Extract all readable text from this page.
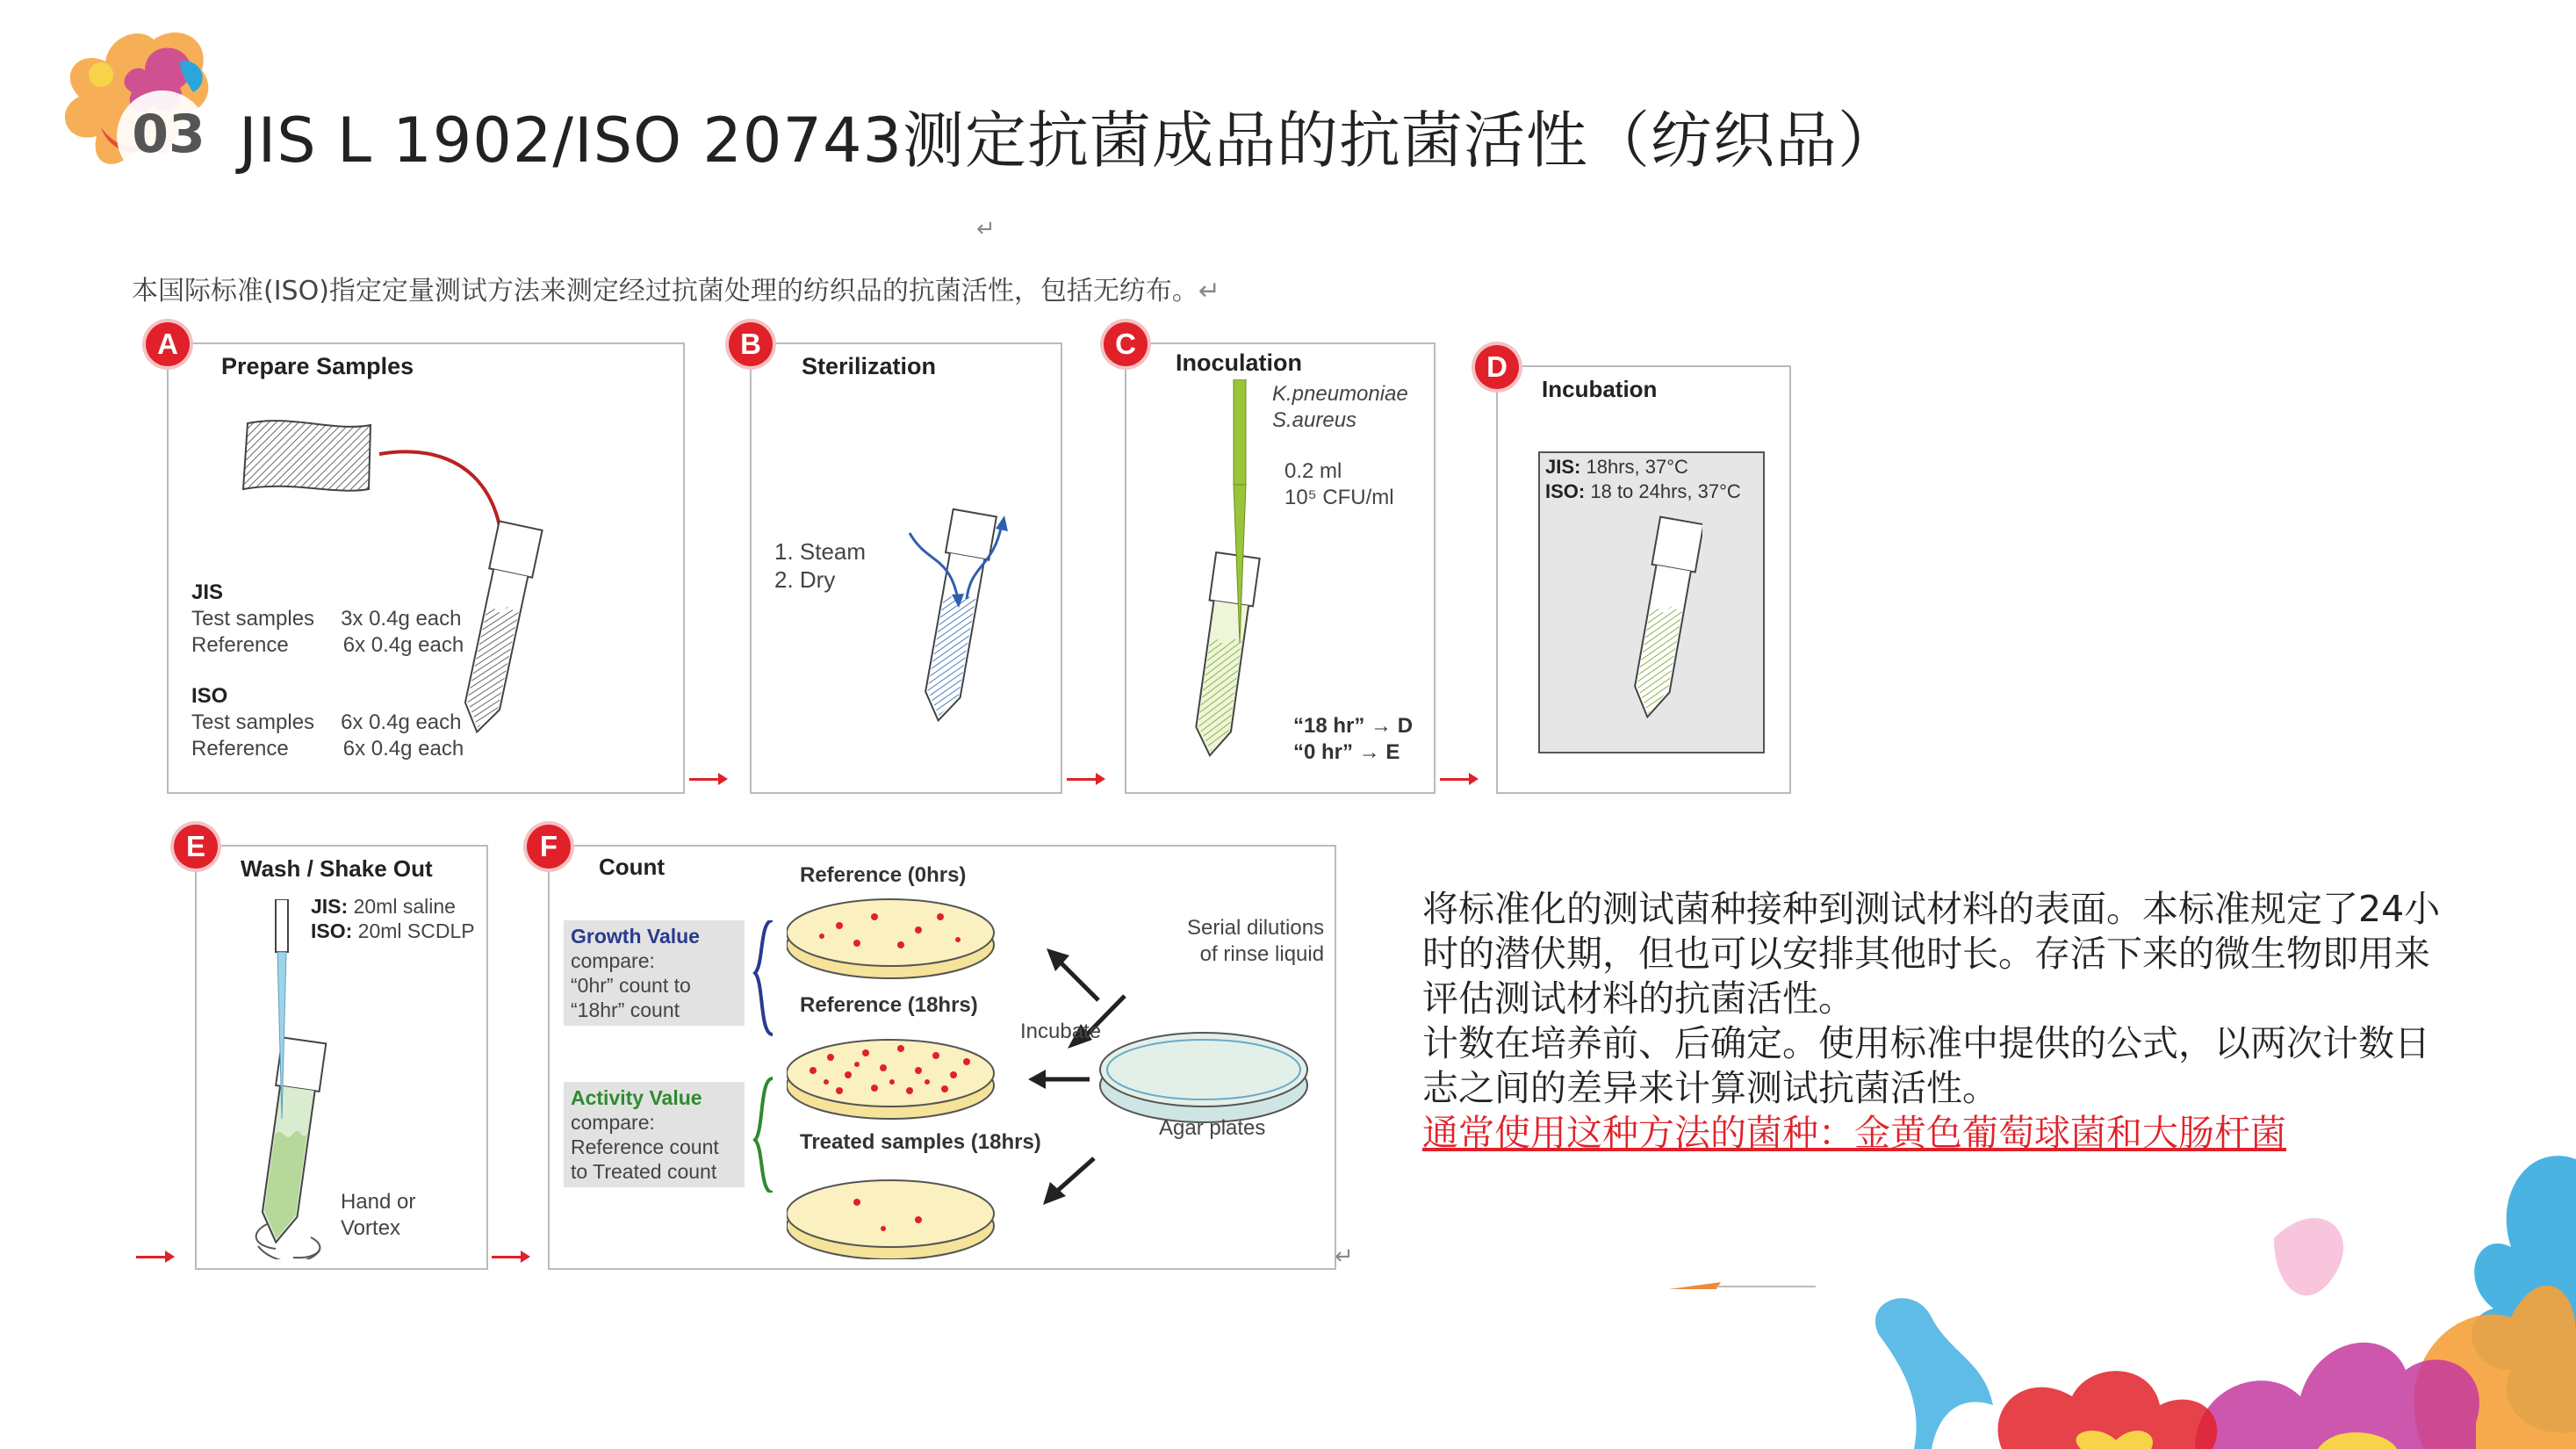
03 JIS L 1902/ISO 20743测定抗菌成品的抗菌活性（纺织品）
↵
本国际标准(ISO)指定定量测试方法来测定经过抗菌处理的纺织品的抗菌活性，包括无纺布。↵
Prepare Samples
JIS
Test samples 3x 0.4g each
Reference	6x 0.4g each

ISO
Test samples 6x 0.4g each
Reference	6x 0.4g each
A
Sterilization
1. Steam
2. Dry
B
Inoculation
K.pneumoniae
S.aureus
0.2 ml
10⁵ CFU/ml
“18 hr” → D
“0 hr” → E
C
Incubation
JIS: 18hrs, 37°C
ISO: 18 to 24hrs, 37°C
D
Wash / Shake Out
JIS: 20ml saline
ISO: 20ml SCDLP
Hand or
Vortex
E
Count
Growth Value
compare:
“0hr” count to
“18hr” count
Activity Value
compare:
Reference count
to Treated count
Reference (0hrs)
Reference (18hrs)
Treated samples (18hrs)
Incubate
Serial dilutions
of rinse liquid
Agar plates
F
↵

将标准化的测试菌种接种到测试材料的表面。本标准规定了24小时的潜伏期，但也可以安排其他时长。存活下来的微生物即用来评估测试材料的抗菌活性。

计数在培养前、后确定。使用标准中提供的公式，以两次计数日志之间的差异来计算测试抗菌活性。

通常使用这种方法的菌种：金黄色葡萄球菌和大肠杆菌
